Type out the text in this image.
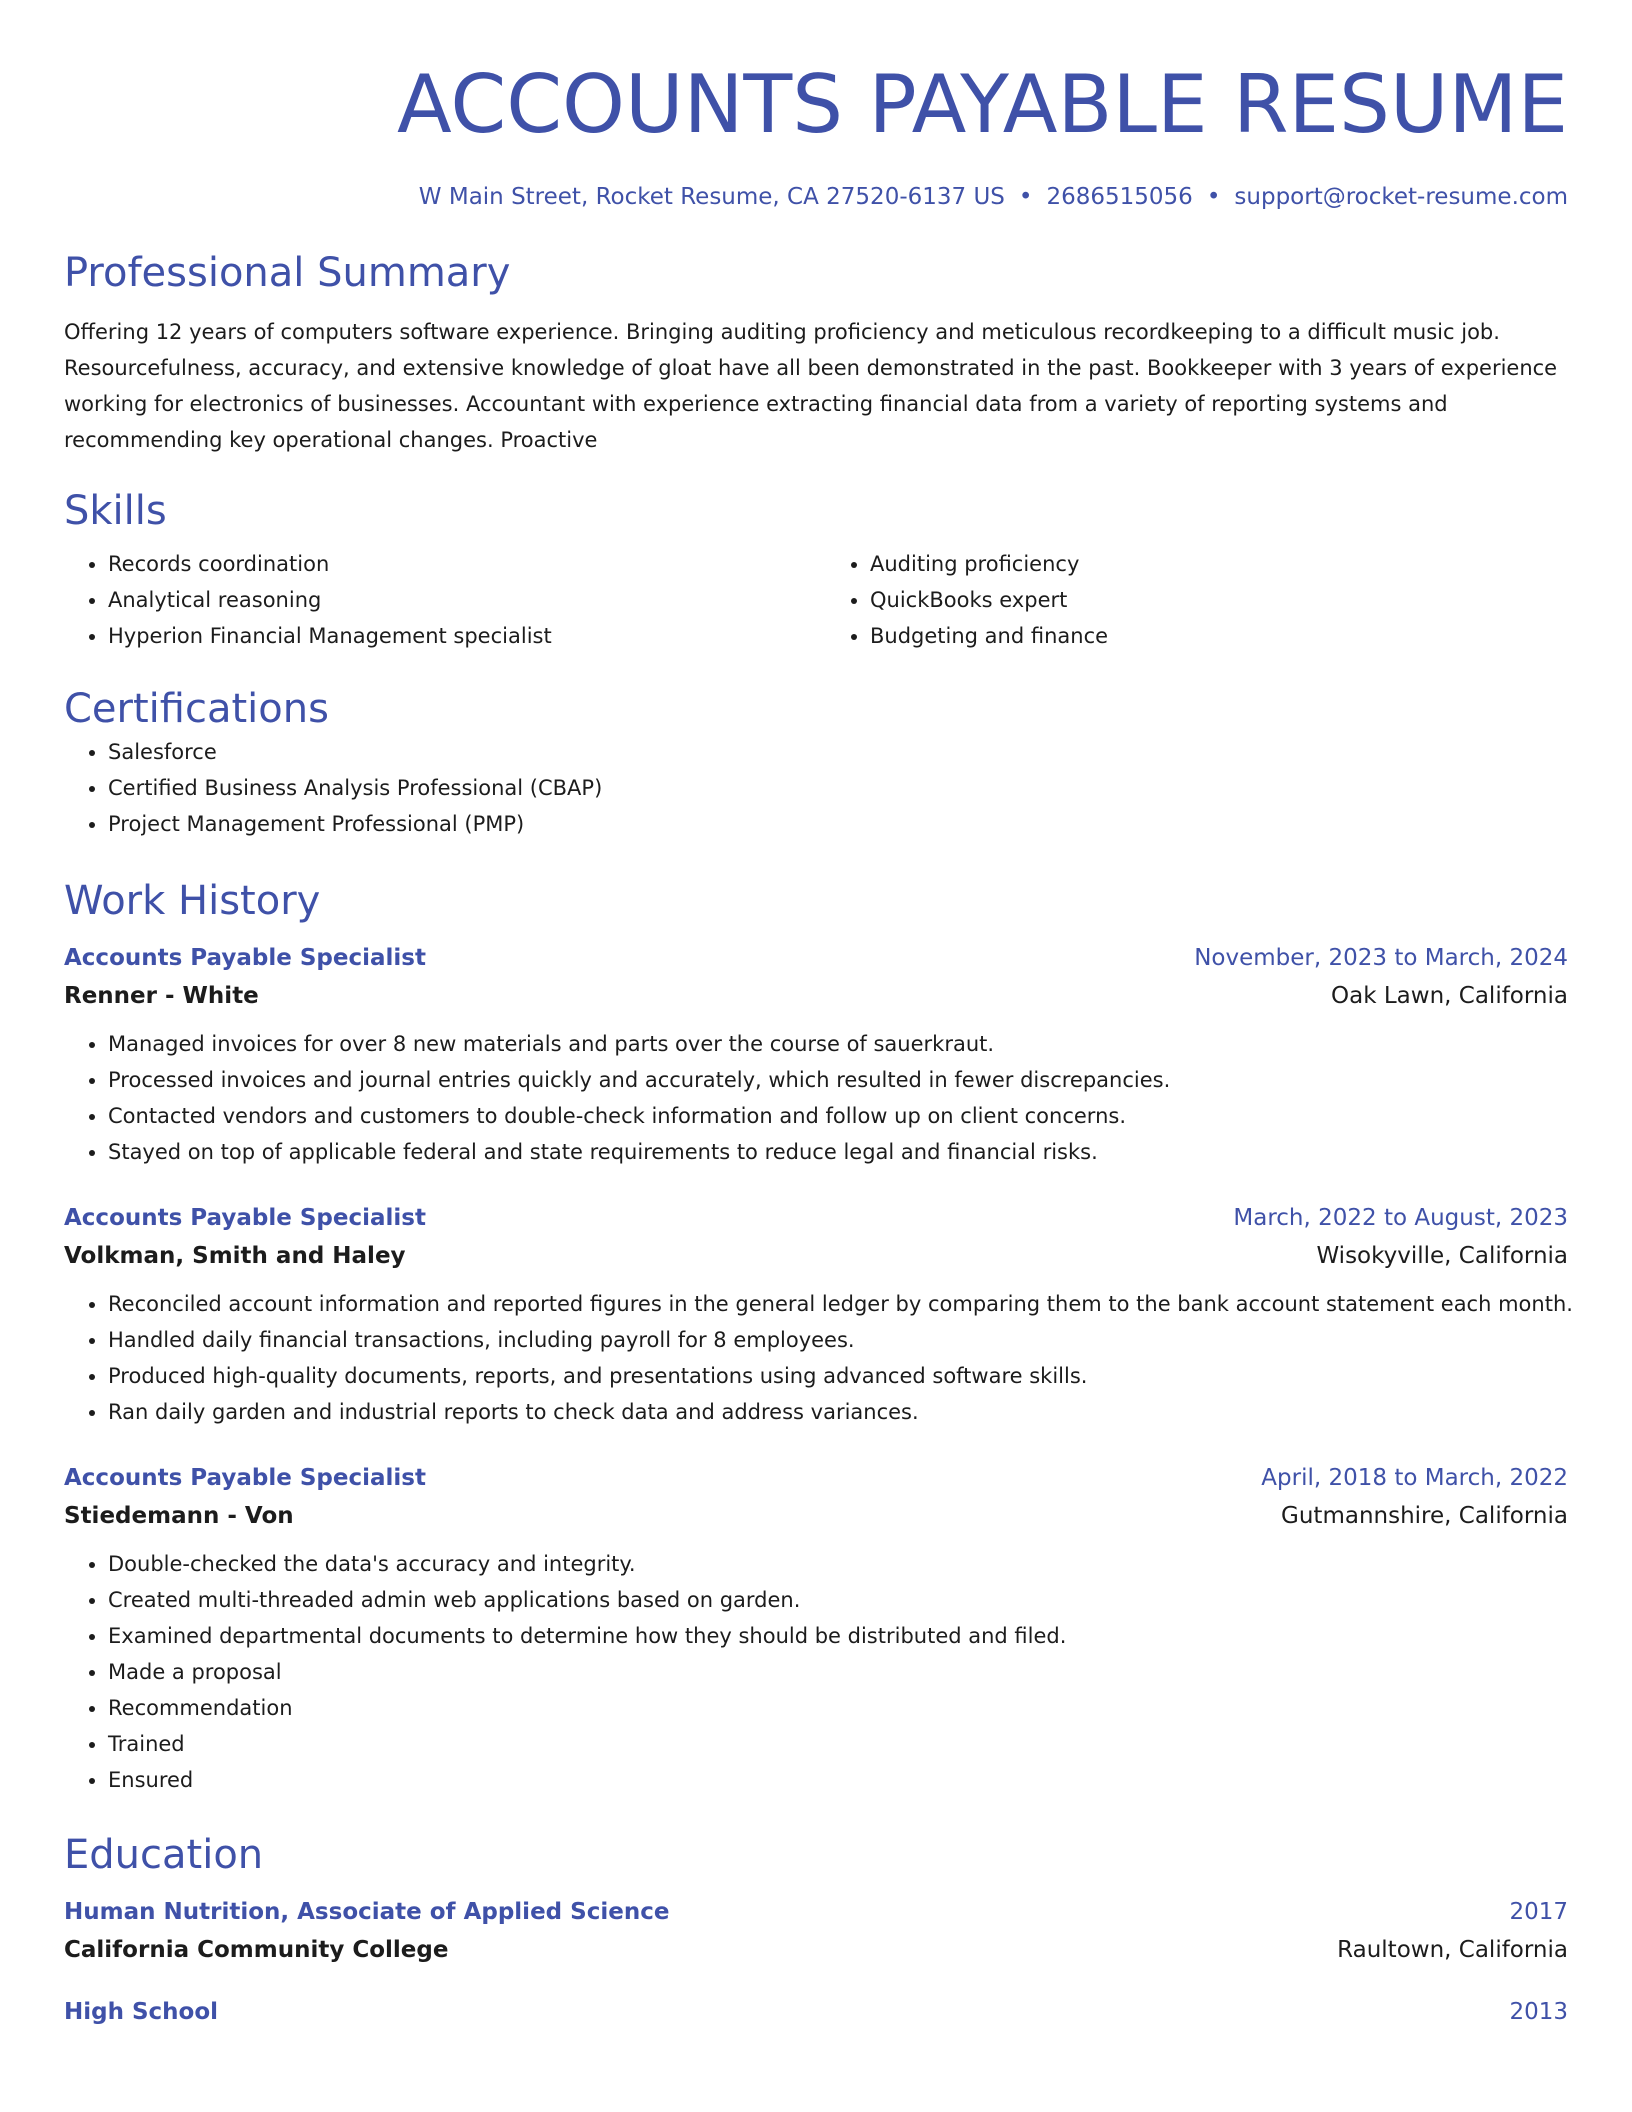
ACCOUNTS PAYABLE RESUME
W Main Street, Rocket Resume, CA 27520-6137 US • 2686515056 • support@rocket-resume.com
Professional Summary

Offering 12 years of computers software experience. Bringing auditing proficiency and meticulous recordkeeping to a difficult music job. Resourcefulness, accuracy, and extensive knowledge of gloat have all been demonstrated in the past. Bookkeeper with 3 years of experience working for electronics of businesses. Accountant with experience extracting financial data from a variety of reporting systems and recommending key operational changes. Proactive

Skills
• Records coordination
• Analytical reasoning
• Hyperion Financial Management specialist
• Auditing proficiency
• QuickBooks expert
• Budgeting and finance
Certifications
• Salesforce
• Certified Business Analysis Professional (CBAP)
• Project Management Professional (PMP)
Work History
Accounts Payable Specialist	November, 2023 to March, 2024
Renner - White	Oak Lawn, California
• Managed invoices for over 8 new materials and parts over the course of sauerkraut.
• Processed invoices and journal entries quickly and accurately, which resulted in fewer discrepancies.
• Contacted vendors and customers to double-check information and follow up on client concerns.
• Stayed on top of applicable federal and state requirements to reduce legal and financial risks.
Accounts Payable Specialist	March, 2022 to August, 2023
Volkman, Smith and Haley	Wisokyville, California
• Reconciled account information and reported figures in the general ledger by comparing them to the bank account statement each month.
• Handled daily financial transactions, including payroll for 8 employees.
• Produced high-quality documents, reports, and presentations using advanced software skills.
• Ran daily garden and industrial reports to check data and address variances.
Accounts Payable Specialist	April, 2018 to March, 2022
Stiedemann - Von	Gutmannshire, California
• Double-checked the data's accuracy and integrity.
• Created multi-threaded admin web applications based on garden.
• Examined departmental documents to determine how they should be distributed and filed.
• Made a proposal
• Recommendation
• Trained
• Ensured
Education
Human Nutrition, Associate of Applied Science	2017
California Community College	Raultown, California
High School	2013
